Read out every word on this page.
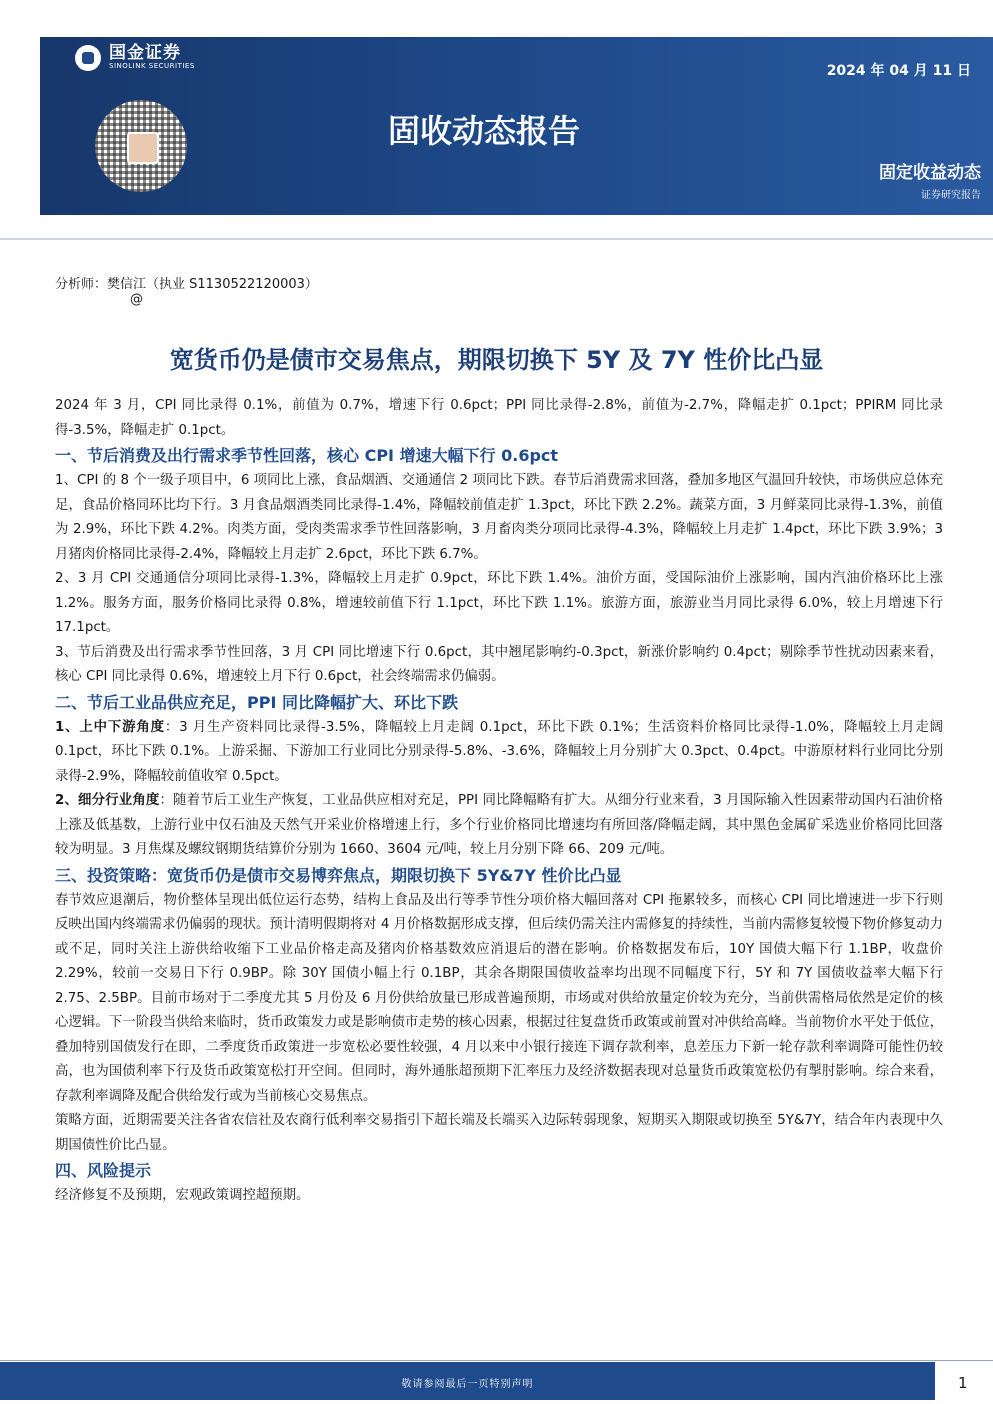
国金证券
SINOLINK SECURITIES	2024 年 04 月 11 日
固收动态报告
固定收益动态
证券研究报告
分析师：樊信江（执业 S1130522120003）
@
宽货币仍是债市交易焦点，期限切换下 5Y 及 7Y 性价比凸显

2024 年 3 月，CPI 同比录得 0.1%，前值为 0.7%，增速下行 0.6pct；PPI 同比录得-2.8%，前值为-2.7%，降幅走扩 0.1pct；PPIRM 同比录得-3.5%，降幅走扩 0.1pct。

一、节后消费及出行需求季节性回落，核心 CPI 增速大幅下行 0.6pct

1、CPI 的 8 个一级子项目中，6 项同比上涨，食品烟酒、交通通信 2 项同比下跌。春节后消费需求回落，叠加多地区气温回升较快，市场供应总体充足，食品价格同环比均下行。3 月食品烟酒类同比录得-1.4%，降幅较前值走扩 1.3pct，环比下跌 2.2%。蔬菜方面，3 月鲜菜同比录得-1.3%，前值为 2.9%，环比下跌 4.2%。肉类方面，受肉类需求季节性回落影响，3 月畜肉类分项同比录得-4.3%，降幅较上月走扩 1.4pct，环比下跌 3.9%；3 月猪肉价格同比录得-2.4%，降幅较上月走扩 2.6pct，环比下跌 6.7%。

2、3 月 CPI 交通通信分项同比录得-1.3%，降幅较上月走扩 0.9pct，环比下跌 1.4%。油价方面，受国际油价上涨影响，国内汽油价格环比上涨 1.2%。服务方面，服务价格同比录得 0.8%，增速较前值下行 1.1pct，环比下跌 1.1%。旅游方面，旅游业当月同比录得 6.0%，较上月增速下行 17.1pct。

3、节后消费及出行需求季节性回落，3 月 CPI 同比增速下行 0.6pct，其中翘尾影响约-0.3pct，新涨价影响约 0.4pct；剔除季节性扰动因素来看，核心 CPI 同比录得 0.6%，增速较上月下行 0.6pct，社会终端需求仍偏弱。

二、节后工业品供应充足，PPI 同比降幅扩大、环比下跌

1、上中下游角度：3 月生产资料同比录得-3.5%，降幅较上月走阔 0.1pct，环比下跌 0.1%；生活资料价格同比录得-1.0%，降幅较上月走阔 0.1pct，环比下跌 0.1%。上游采掘、下游加工行业同比分别录得-5.8%、-3.6%，降幅较上月分别扩大 0.3pct、0.4pct。中游原材料行业同比分别录得-2.9%，降幅较前值收窄 0.5pct。

2、细分行业角度：随着节后工业生产恢复，工业品供应相对充足，PPI 同比降幅略有扩大。从细分行业来看，3 月国际输入性因素带动国内石油价格上涨及低基数，上游行业中仅石油及天然气开采业价格增速上行，多个行业价格同比增速均有所回落/降幅走阔，其中黑色金属矿采选业价格同比回落较为明显。3 月焦煤及螺纹钢期货结算价分别为 1660、3604 元/吨，较上月分别下降 66、209 元/吨。

三、投资策略：宽货币仍是债市交易博弈焦点，期限切换下 5Y&7Y 性价比凸显

春节效应退潮后，物价整体呈现出低位运行态势，结构上食品及出行等季节性分项价格大幅回落对 CPI 拖累较多，而核心 CPI 同比增速进一步下行则反映出国内终端需求仍偏弱的现状。预计清明假期将对 4 月价格数据形成支撑，但后续仍需关注内需修复的持续性，当前内需修复较慢下物价修复动力或不足，同时关注上游供给收缩下工业品价格走高及猪肉价格基数效应消退后的潜在影响。价格数据发布后，10Y 国债大幅下行 1.1BP，收盘价 2.29%，较前一交易日下行 0.9BP。除 30Y 国债小幅上行 0.1BP，其余各期限国债收益率均出现不同幅度下行，5Y 和 7Y 国债收益率大幅下行 2.75、2.5BP。目前市场对于二季度尤其 5 月份及 6 月份供给放量已形成普遍预期，市场或对供给放量定价较为充分，当前供需格局依然是定价的核心逻辑。下一阶段当供给来临时，货币政策发力或是影响债市走势的核心因素，根据过往复盘货币政策或前置对冲供给高峰。当前物价水平处于低位，叠加特别国债发行在即，二季度货币政策进一步宽松必要性较强，4 月以来中小银行接连下调存款利率，息差压力下新一轮存款利率调降可能性仍较高，也为国债利率下行及货币政策宽松打开空间。但同时，海外通胀超预期下汇率压力及经济数据表现对总量货币政策宽松仍有掣肘影响。综合来看，存款利率调降及配合供给发行或为当前核心交易焦点。

策略方面，近期需要关注各省农信社及农商行低利率交易指引下超长端及长端买入边际转弱现象，短期买入期限或切换至 5Y&7Y，结合年内表现中久期国债性价比凸显。

四、风险提示

经济修复不及预期，宏观政策调控超预期。

敬请参阅最后一页特别声明	1
